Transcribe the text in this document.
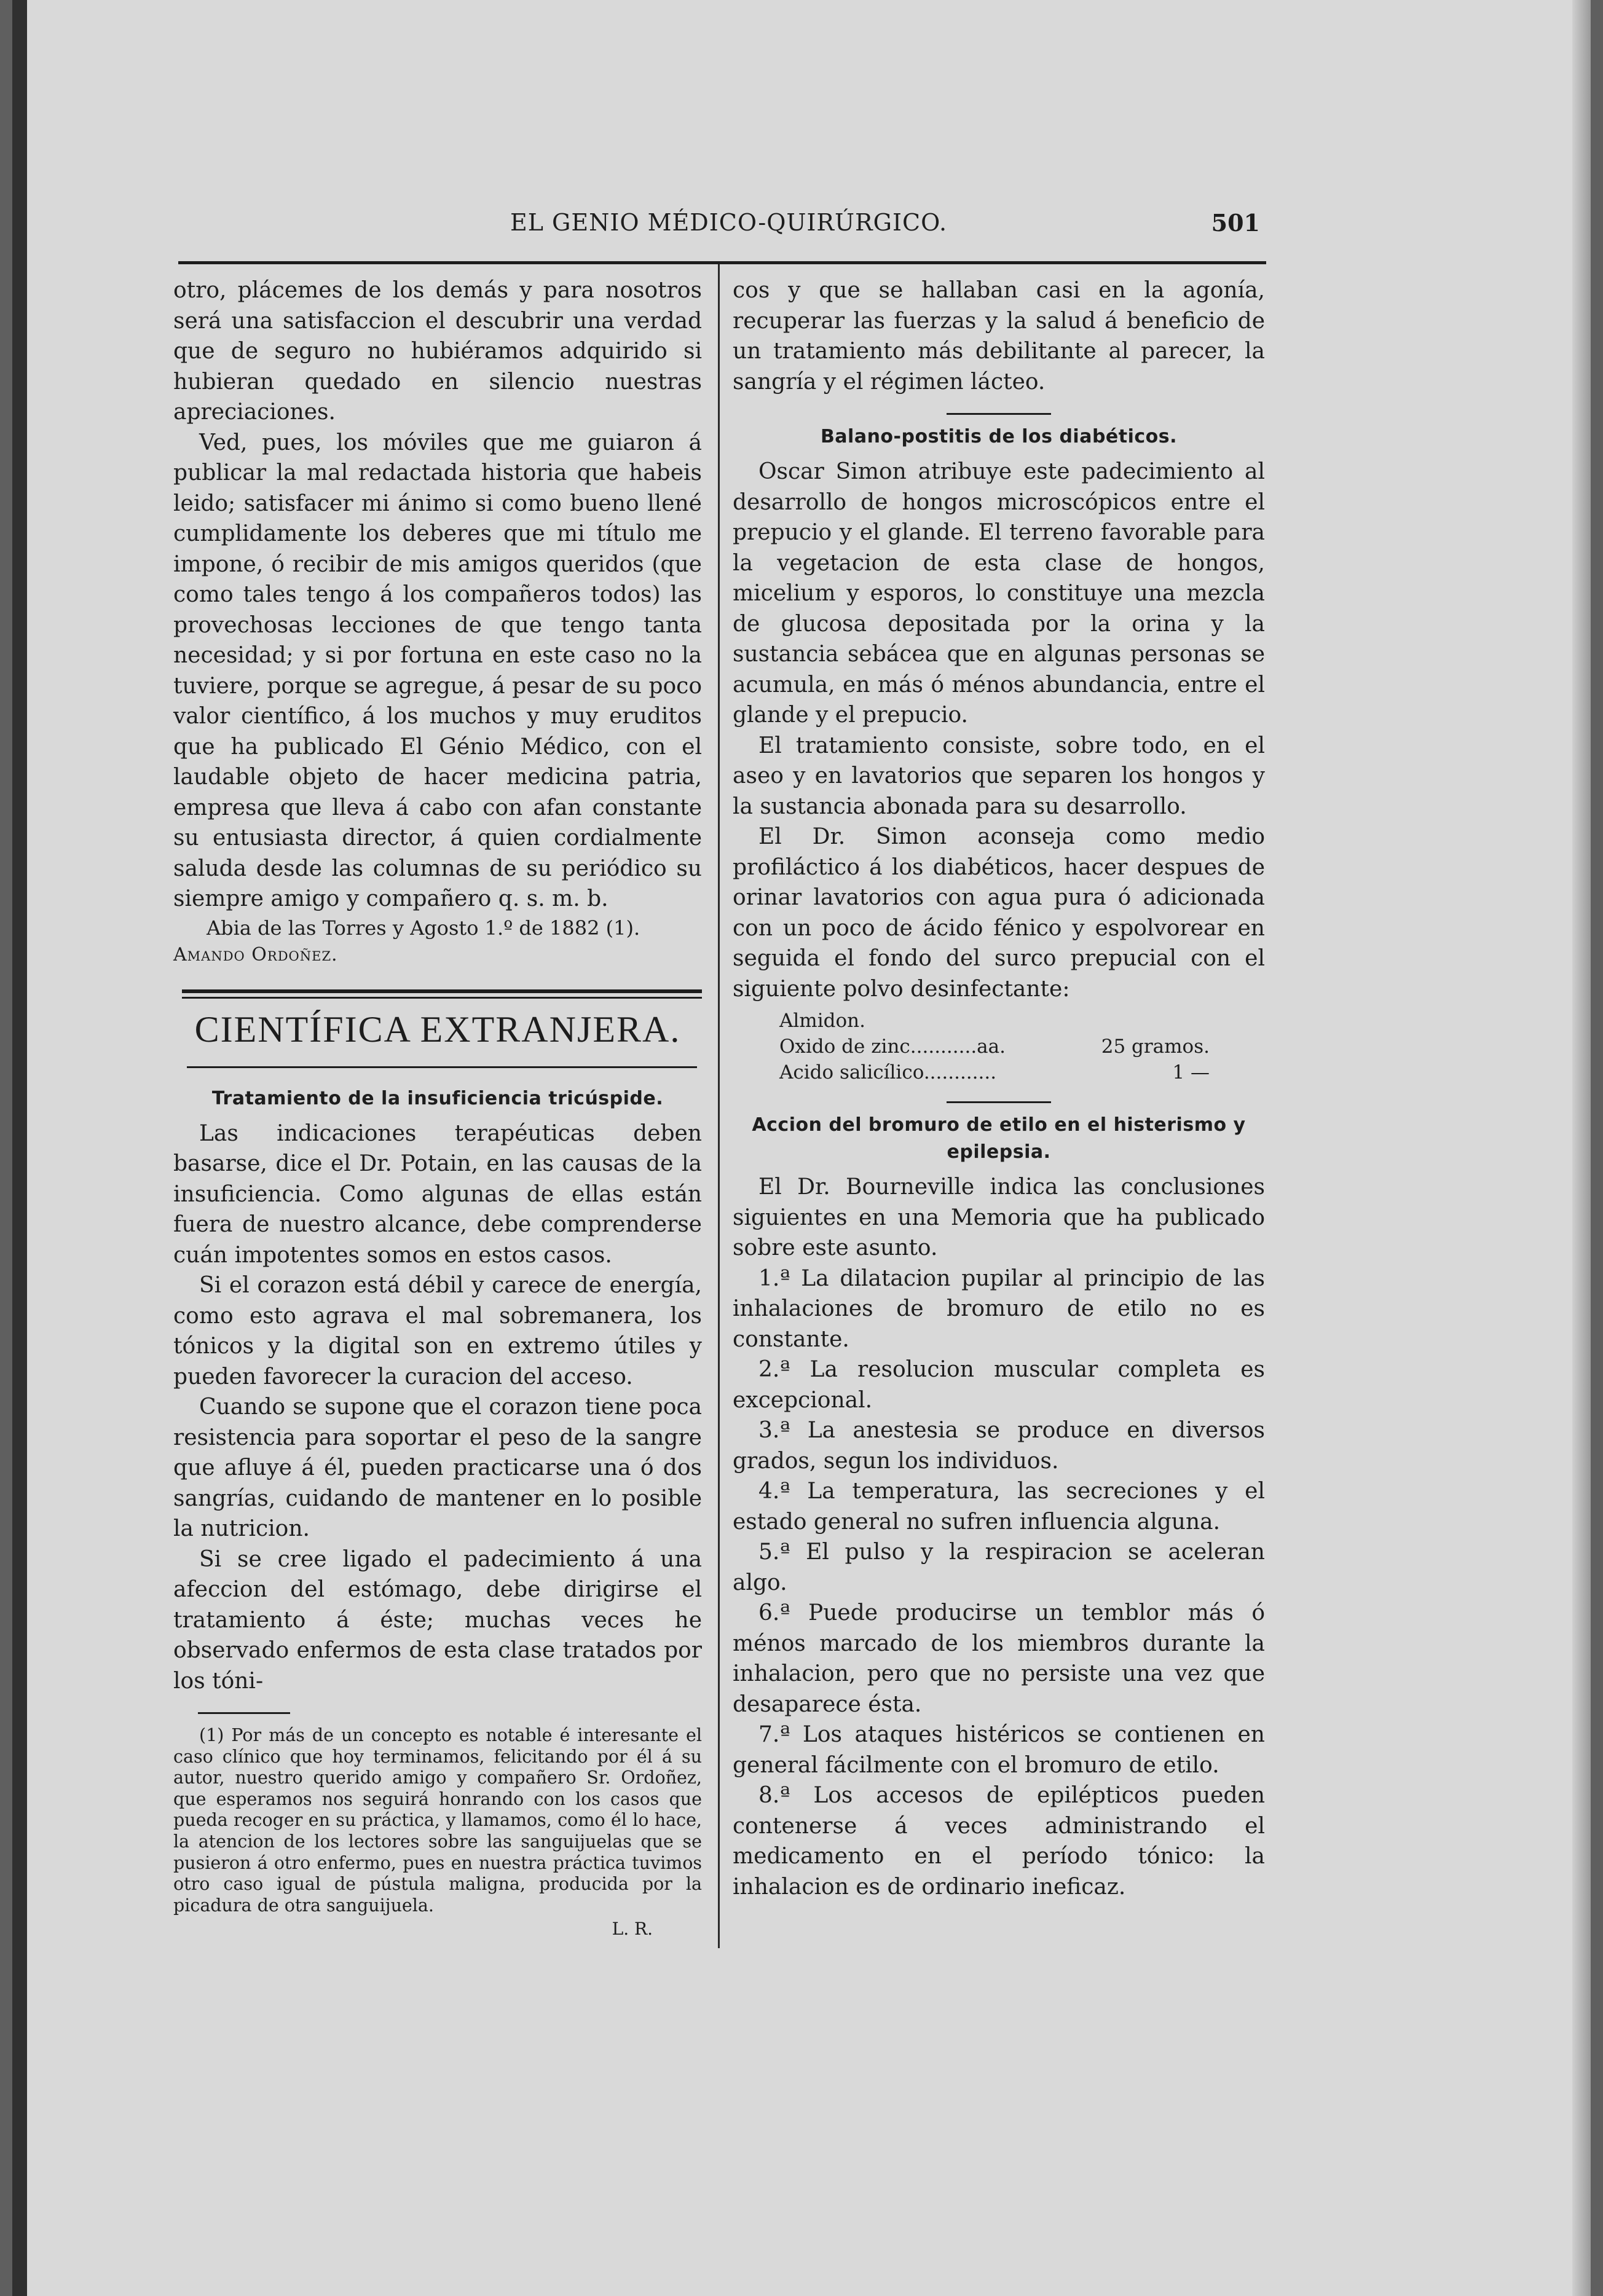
EL GENIO MÉDICO-QUIRÚRGICO.	501

otro, plácemes de los demás y para nosotros será una satisfaccion el descubrir una verdad que de seguro no hubiéramos adquirido si hubieran quedado en silencio nuestras apreciaciones.

Ved, pues, los móviles que me guiaron á publicar la mal redactada historia que habeis leido; satisfacer mi ánimo si como bueno llené cumplidamente los deberes que mi título me impone, ó recibir de mis amigos queridos (que como tales tengo á los compañeros todos) las provechosas lecciones de que tengo tanta necesidad; y si por fortuna en este caso no la tuviere, porque se agregue, á pesar de su poco valor científico, á los muchos y muy eruditos que ha publicado El Génio Médico, con el laudable objeto de hacer medicina patria, empresa que lleva á cabo con afan constante su entusiasta director, á quien cordialmente saluda desde las columnas de su periódico su siempre amigo y compañero q. s. m. b.

Abia de las Torres y Agosto 1.º de 1882 (1).

Amando Ordoñez.

CIENTÍFICA EXTRANJERA.
Tratamiento de la insuficiencia tricúspide.

Las indicaciones terapéuticas deben basarse, dice el Dr. Potain, en las causas de la insuficiencia. Como algunas de ellas están fuera de nuestro alcance, debe comprenderse cuán impotentes somos en estos casos.

Si el corazon está débil y carece de energía, como esto agrava el mal sobremanera, los tónicos y la digital son en extremo útiles y pueden favorecer la curacion del acceso.

Cuando se supone que el corazon tiene poca resistencia para soportar el peso de la sangre que afluye á él, pueden practicarse una ó dos sangrías, cuidando de mantener en lo posible la nutricion.

Si se cree ligado el padecimiento á una afeccion del estómago, debe dirigirse el tratamiento á éste; muchas veces he observado enfermos de esta clase tratados por los tóni-

(1) Por más de un concepto es notable é interesante el caso clínico que hoy terminamos, felicitando por él á su autor, nuestro querido amigo y compañero Sr. Ordoñez, que esperamos nos seguirá honrando con los casos que pueda recoger en su práctica, y llamamos, como él lo hace, la atencion de los lectores sobre las sanguijuelas que se pusieron á otro enfermo, pues en nuestra práctica tuvimos otro caso igual de pústula maligna, producida por la picadura de otra sanguijuela.

L. R.

cos y que se hallaban casi en la agonía, recuperar las fuerzas y la salud á beneficio de un tratamiento más debilitante al parecer, la sangría y el régimen lácteo.

Balano-postitis de los diabéticos.

Oscar Simon atribuye este padecimiento al desarrollo de hongos microscópicos entre el prepucio y el glande. El terreno favorable para la vegetacion de esta clase de hongos, micelium y esporos, lo constituye una mezcla de glucosa depositada por la orina y la sustancia sebácea que en algunas personas se acumula, en más ó ménos abundancia, entre el glande y el prepucio.

El tratamiento consiste, sobre todo, en el aseo y en lavatorios que separen los hongos y la sustancia abonada para su desarrollo.

El Dr. Simon aconseja como medio profiláctico á los diabéticos, hacer despues de orinar lavatorios con agua pura ó adicionada con un poco de ácido fénico y espolvorear en seguida el fondo del surco prepucial con el siguiente polvo desinfectante:

Almidon.
Oxido de zinc...........aa.	25 gramos.
Acido salicílico............	1 —
Accion del bromuro de etilo en el histerismo y epilepsia.

El Dr. Bourneville indica las conclusiones siguientes en una Memoria que ha publicado sobre este asunto.

1.ª La dilatacion pupilar al principio de las inhalaciones de bromuro de etilo no es constante.

2.ª La resolucion muscular completa es excepcional.

3.ª La anestesia se produce en diversos grados, segun los individuos.

4.ª La temperatura, las secreciones y el estado general no sufren influencia alguna.

5.ª El pulso y la respiracion se aceleran algo.

6.ª Puede producirse un temblor más ó ménos marcado de los miembros durante la inhalacion, pero que no persiste una vez que desaparece ésta.

7.ª Los ataques histéricos se contienen en general fácilmente con el bromuro de etilo.

8.ª Los accesos de epilépticos pueden contenerse á veces administrando el medicamento en el período tónico: la inhalacion es de ordinario ineficaz.
